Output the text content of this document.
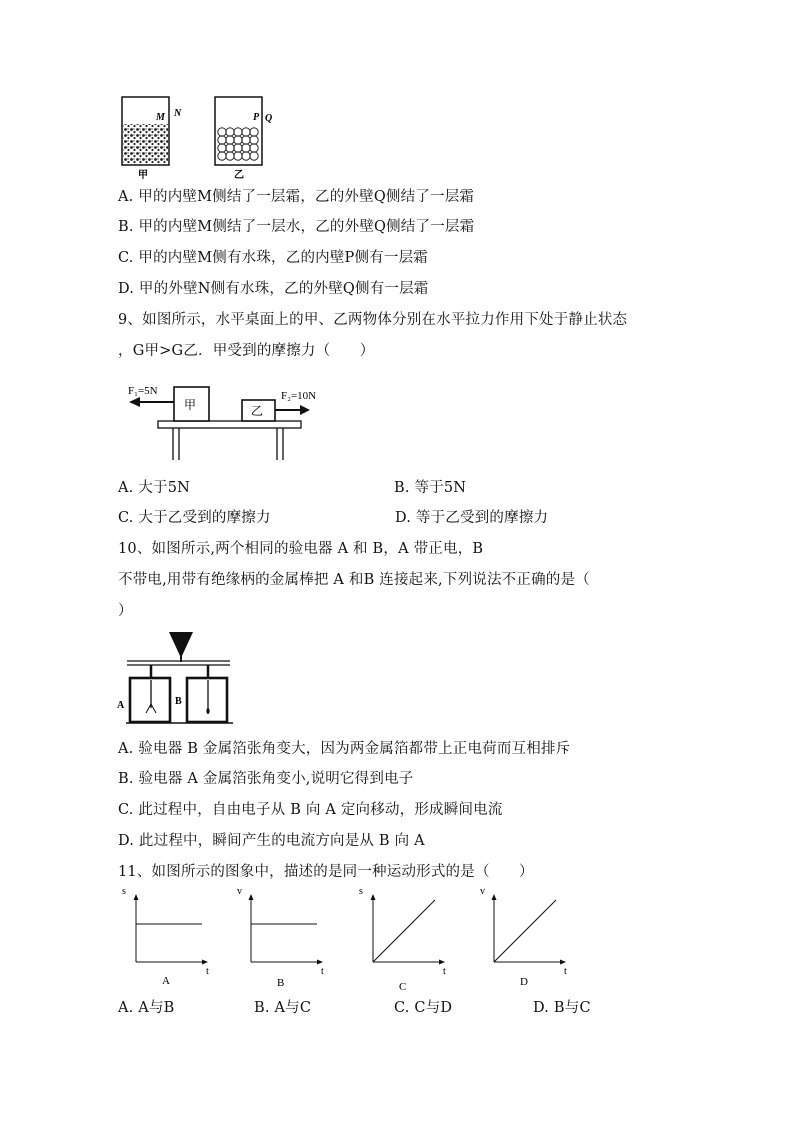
M N
甲
P Q
乙
A. 甲的内壁M侧结了一层霜，乙的外壁Q侧结了一层霜
B. 甲的内壁M侧结了一层水，乙的外壁Q侧结了一层霜
C. 甲的内壁M侧有水珠，乙的内壁P侧有一层霜
D. 甲的外壁N侧有水珠，乙的外壁Q侧有一层霜
9、如图所示，水平桌面上的甲、乙两物体分别在水平拉力作用下处于静止状态
，G甲>G乙．甲受到的摩擦力（　　）
甲	乙
F₁=5N	F₂=10N
A. 大于5N	B. 等于5N
C. 大于乙受到的摩擦力	D. 等于乙受到的摩擦力
10、如图所示,两个相同的验电器 A 和 B，A 带正电，B
不带电,用带有绝缘柄的金属棒把 A 和B 连接起来,下列说法不正确的是（
）
A	B
A. 验电器 B 金属箔张角变大，因为两金属箔都带上正电荷而互相排斥
B. 验电器 A 金属箔张角变小,说明它得到电子
C. 此过程中，自由电子从 B 向 A 定向移动，形成瞬间电流
D. 此过程中，瞬间产生的电流方向是从 B 向 A
11、如图所示的图象中，描述的是同一种运动形式的是（　　）
s
t
A
v
t
B
s
t
C
v
t
D
A. A与B	B. A与C	C. C与D	D. B与C
